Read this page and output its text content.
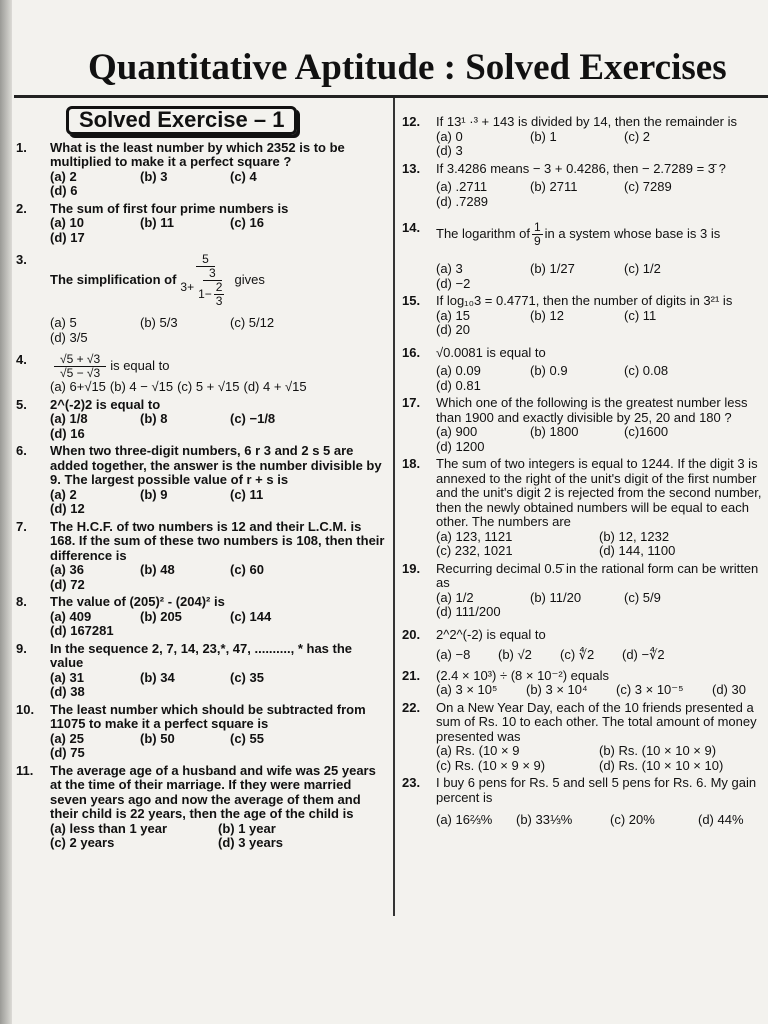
Quantitative Aptitude : Solved Exercises
Solved Exercise – 1
1. What is the least number by which 2352 is to be multiplied to make it a perfect square ?
(a) 2	(b) 3	(c) 4
(d) 6
2. The sum of first four prime numbers is
(a) 10	(b) 11	(c) 16
(d) 17
3.
The simplification of
5
$3+ \frac{3}{1- \frac{2}{3}}$ gives
(a) 5	(b) 5/3	(c) 5/12
(d) 3/5
4.	√5 + √3
√5 − √3 is equal to
(a) 6+√15 (b) 4 − √15 (c) 5 + √15 (d) 4 + √15
5. 2^(-2)2 is equal to
(a) 1/8	(b) 8	(c) −1/8
(d) 16
6. When two three-digit numbers, 6 r 3 and 2 s 5 are added together, the answer is the number divisible by 9. The largest possible value of r + s is
(a) 2	(b) 9	(c) 11
(d) 12
7. The H.C.F. of two numbers is 12 and their L.C.M. is 168. If the sum of these two numbers is 108, then their difference is
(a) 36	(b) 48	(c) 60
(d) 72
8. The value of (205)² - (204)² is
(a) 409	(b) 205	(c) 144
(d) 167281
9. In the sequence 2, 7, 14, 23,*, 47, .........., * has the value
(a) 31	(b) 34	(c) 35
(d) 38
10. The least number which should be subtracted from 11075 to make it a perfect square is
(a) 25	(b) 50	(c) 55
(d) 75
11. The average age of a husband and wife was 25 years at the time of their marriage. If they were married seven years ago and now the average of them and their child is 22 years, then the age of the child is
(a) less than 1 year	(b) 1 year
(c) 2 years	(d) 3 years
12. If 13¹ ·³ + 143 is divided by 14, then the remainder is
(a) 0	(b) 1	(c) 2
(d) 3
13. If 3.4286 means − 3 + 0.4286, then − 2.7289 = 3̄ ?
(a) .2711	(b) 2711	(c) 7289
(d) .7289
14. The logarithm of $\frac{1}{9}$ in a system whose base is 3 is
(a) 3	(b) 1/27	(c) 1/2
(d) −2
15. If log₁₀3 = 0.4771, then the number of digits in 3²¹ is
(a) 15	(b) 12	(c) 11
(d) 20
16. √0.0081 is equal to
(a) 0.09	(b) 0.9	(c) 0.08
(d) 0.81
17. Which one of the following is the greatest number less than 1900 and exactly divisible by 25, 20 and 180 ?
(a) 900	(b) 1800	(c)1600
(d) 1200
18. The sum of two integers is equal to 1244. If the digit 3 is annexed to the right of the unit's digit of the first number and the unit's digit 2 is rejected from the second number, then the newly obtained numbers will be equal to each other. The numbers are
(a) 123, 1121	(b) 12, 1232
(c) 232, 1021	(d) 144, 1100
19. Recurring decimal 0.5̄ in the rational form can be written as
(a) 1/2	(b) 11/20	(c) 5/9
(d) 111/200
20. 2^2^(-2) is equal to
(a) −8	(b) √2	(c) ∜2	(d) −∜2
21. (2.4 × 10³) ÷ (8 × 10⁻²) equals
(a) 3 × 10⁵	(b) 3 × 10⁴	(c) 3 × 10⁻⁵	(d) 30
22. On a New Year Day, each of the 10 friends presented a sum of Rs. 10 to each other. The total amount of money presented was
(a) Rs. (10 × 9	(b) Rs. (10 × 10 × 9)
(c) Rs. (10 × 9 × 9)	(d) Rs. (10 × 10 × 10)
23. I buy 6 pens for Rs. 5 and sell 5 pens for Rs. 6. My gain percent is
(a) 16⅔%	(b) 33⅓%	(c) 20%	(d) 44%
